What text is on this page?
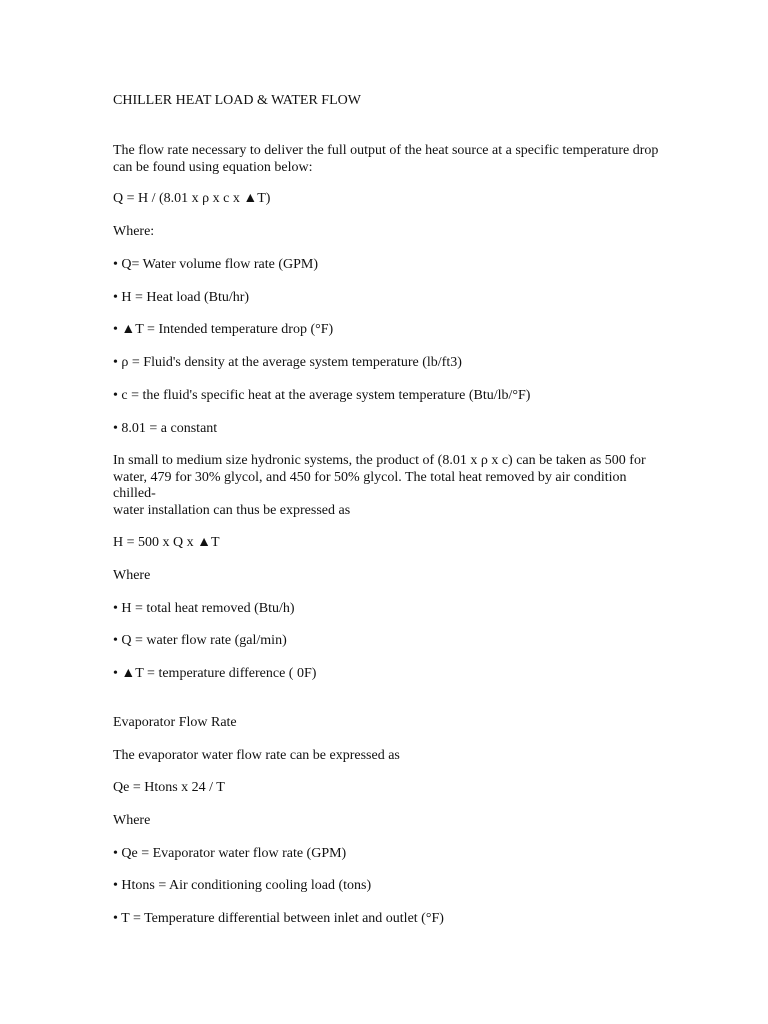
CHILLER HEAT LOAD & WATER FLOW

The flow rate necessary to deliver the full output of the heat source at a specific temperature drop
can be found using equation below:

Q = H / (8.01 x ρ x c x ▲T)

Where:

• Q= Water volume flow rate (GPM)

• H = Heat load (Btu/hr)

• ▲T = Intended temperature drop (°F)

• ρ = Fluid's density at the average system temperature (lb/ft3)

• c = the fluid's specific heat at the average system temperature (Btu/lb/°F)

• 8.01 = a constant

In small to medium size hydronic systems, the product of (8.01 x ρ x c) can be taken as 500 for
water, 479 for 30% glycol, and 450 for 50% glycol. The total heat removed by air condition
chilled-
water installation can thus be expressed as

H = 500 x Q x ▲T

Where

• H = total heat removed (Btu/h)

• Q = water flow rate (gal/min)

• ▲T = temperature difference ( 0F)

Evaporator Flow Rate

The evaporator water flow rate can be expressed as

Qe = Htons x 24 / T

Where

• Qe = Evaporator water flow rate (GPM)

• Htons = Air conditioning cooling load (tons)

• T = Temperature differential between inlet and outlet (°F)
